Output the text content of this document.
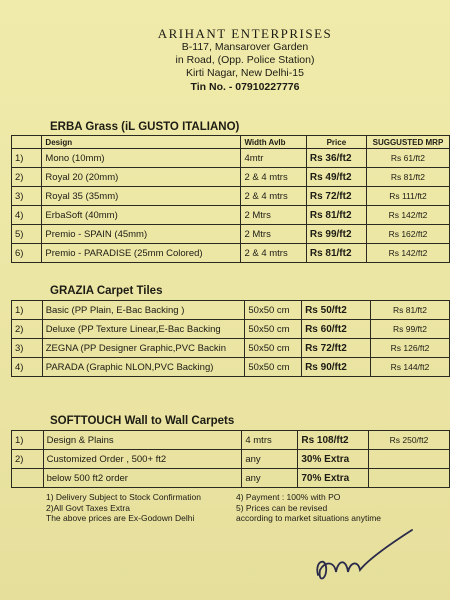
ARIHANT ENTERPRISES
B-117, Mansarover Garden
in Road, (Opp. Police Station)
Kirti Nagar, New Delhi-15
Tin No. - 07910227776
ERBA Grass (iL GUSTO ITALIANO)
	Design	Width Avlb	Price	SUGGUSTED MRP
1)	Mono (10mm)	4mtr	Rs 36/ft2	Rs 61/ft2
2)	Royal 20 (20mm)	2 & 4 mtrs	Rs 49/ft2	Rs 81/ft2
3)	Royal 35 (35mm)	2 & 4 mtrs	Rs 72/ft2	Rs 111/ft2
4)	ErbaSoft (40mm)	2 Mtrs	Rs 81/ft2	Rs 142/ft2
5)	Premio - SPAIN (45mm)	2 Mtrs	Rs 99/ft2	Rs 162/ft2
6)	Premio - PARADISE (25mm Colored)	2 & 4 mtrs	Rs 81/ft2	Rs 142/ft2
GRAZIA Carpet Tiles
1)	Basic (PP Plain, E-Bac Backing )	50x50 cm	Rs 50/ft2	Rs 81/ft2
2)	Deluxe (PP Texture Linear,E-Bac Backing	50x50 cm	Rs 60/ft2	Rs 99/ft2
3)	ZEGNA (PP Designer Graphic,PVC Backin	50x50 cm	Rs 72/ft2	Rs 126/ft2
4)	PARADA (Graphic NLON,PVC Backing)	50x50 cm	Rs 90/ft2	Rs 144/ft2
SOFTTOUCH Wall to Wall Carpets
1)	Design & Plains	4 mtrs	Rs 108/ft2	Rs 250/ft2
2)	Customized Order , 500+ ft2	any	30% Extra	
	below 500 ft2 order	any	70% Extra	
1) Delivery Subject to Stock Confirmation
2)All Govt Taxes Extra
The above prices are Ex-Godown Delhi
4) Payment : 100% with PO
5) Prices can be revised
according to market situations anytime
